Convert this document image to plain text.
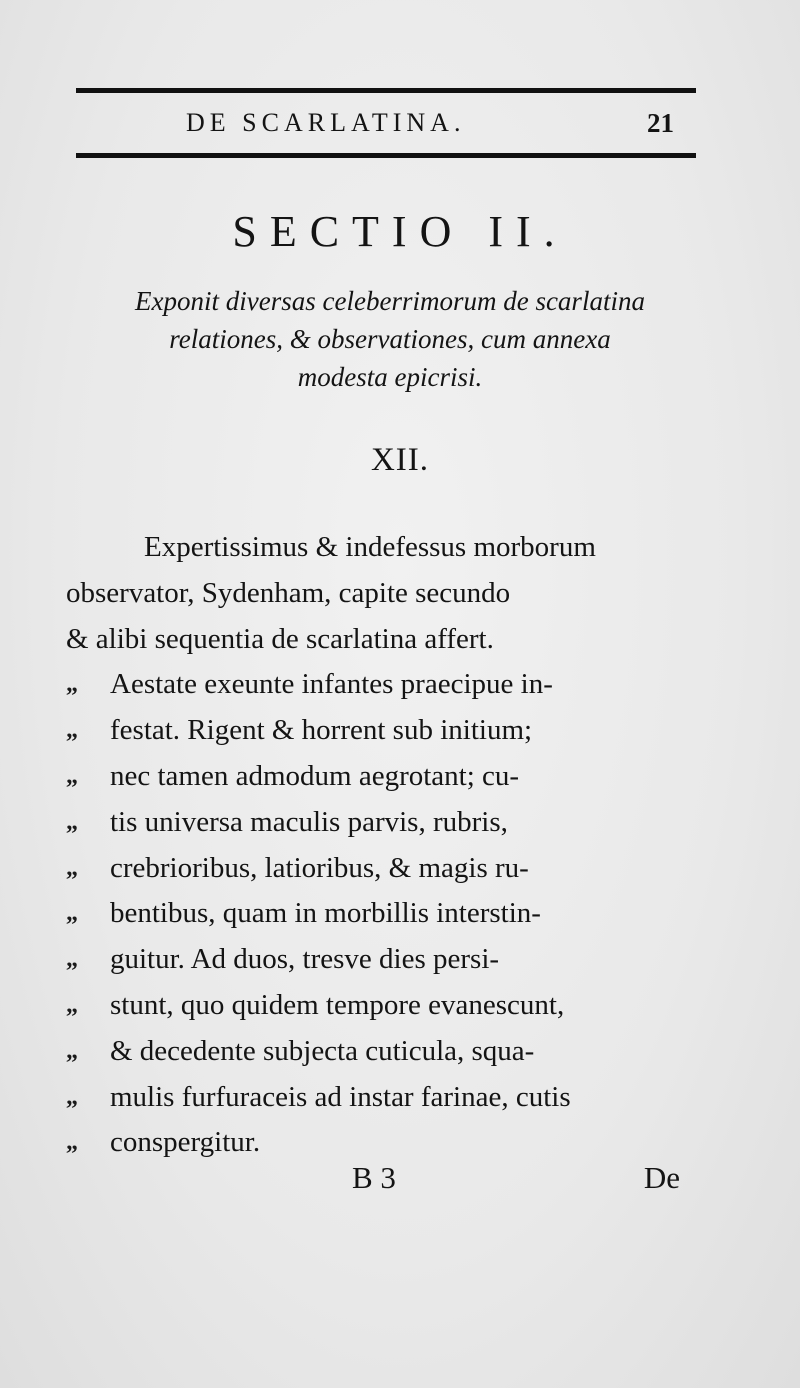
DE SCARLATINA.	21
SECTIO II.
Exponit diversas celeberrimorum de scarlatina
relationes, & observationes, cum annexa
modesta epicrisi.
XII.
Expertissimus & indefessus morborum
observator, Sydenham, capite secundo
& alibi sequentia de scarlatina affert.
„	Aestate exeunte infantes praecipue in-
„	festat. Rigent & horrent sub initium;
„	nec tamen admodum aegrotant; cu-
„	tis universa maculis parvis, rubris,
„	crebrioribus, latioribus, & magis ru-
„	bentibus, quam in morbillis interstin-
„	guitur. Ad duos, tresve dies persi-
„	stunt, quo quidem tempore evanescunt,
„	& decedente subjecta cuticula, squa-
„	mulis furfuraceis ad instar farinae, cutis
„	conspergitur.
B 3	De
